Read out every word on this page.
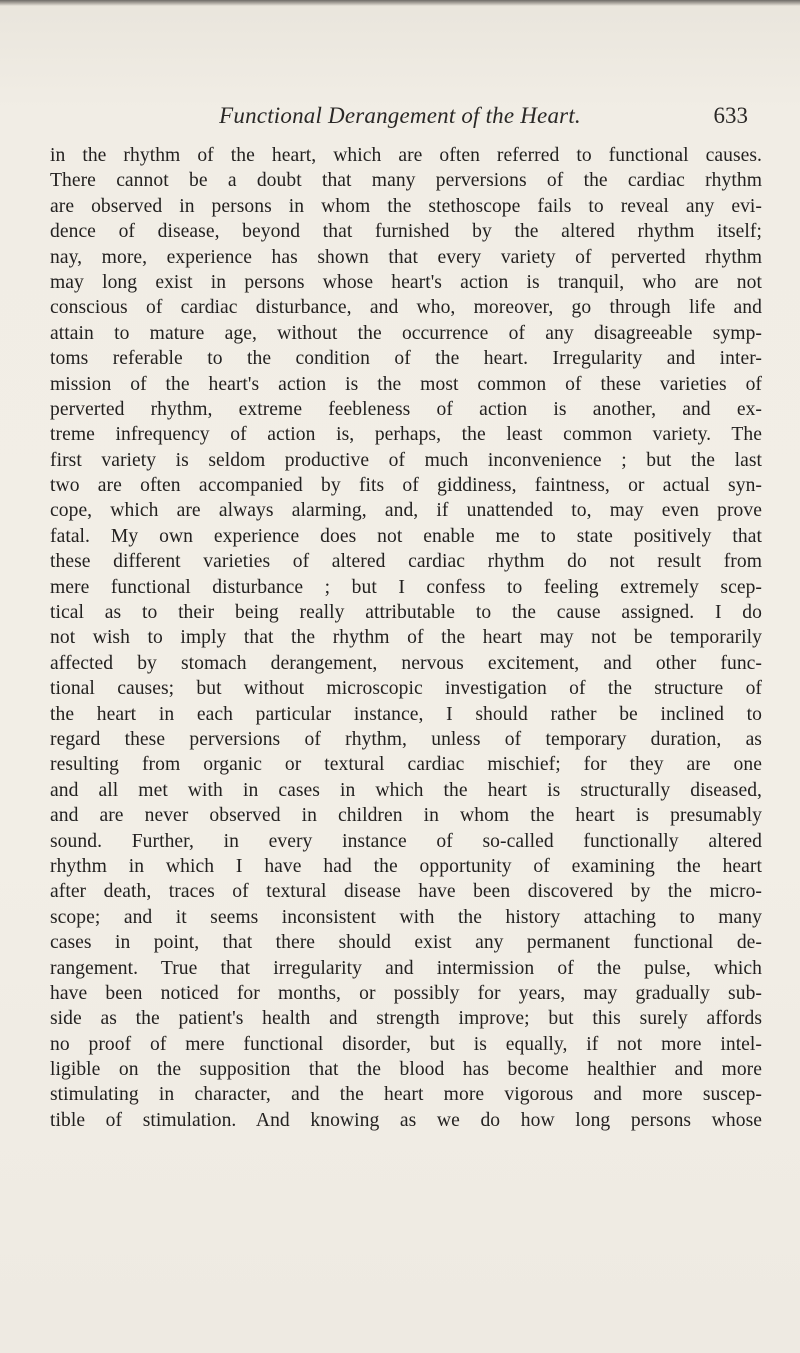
Functional Derangement of the Heart.	633
in the rhythm of the heart, which are often referred to functional causes.
There cannot be a doubt that many perversions of the cardiac rhythm
are observed in persons in whom the stethoscope fails to reveal any evi-
dence of disease, beyond that furnished by the altered rhythm itself;
nay, more, experience has shown that every variety of perverted rhythm
may long exist in persons whose heart's action is tranquil, who are not
conscious of cardiac disturbance, and who, moreover, go through life and
attain to mature age, without the occurrence of any disagreeable symp-
toms referable to the condition of the heart. Irregularity and inter-
mission of the heart's action is the most common of these varieties of
perverted rhythm, extreme feebleness of action is another, and ex-
treme infrequency of action is, perhaps, the least common variety. The
first variety is seldom productive of much inconvenience ; but the last
two are often accompanied by fits of giddiness, faintness, or actual syn-
cope, which are always alarming, and, if unattended to, may even prove
fatal. My own experience does not enable me to state positively that
these different varieties of altered cardiac rhythm do not result from
mere functional disturbance ; but I confess to feeling extremely scep-
tical as to their being really attributable to the cause assigned. I do
not wish to imply that the rhythm of the heart may not be temporarily
affected by stomach derangement, nervous excitement, and other func-
tional causes; but without microscopic investigation of the structure of
the heart in each particular instance, I should rather be inclined to
regard these perversions of rhythm, unless of temporary duration, as
resulting from organic or textural cardiac mischief; for they are one
and all met with in cases in which the heart is structurally diseased,
and are never observed in children in whom the heart is presumably
sound. Further, in every instance of so-called functionally altered
rhythm in which I have had the opportunity of examining the heart
after death, traces of textural disease have been discovered by the micro-
scope; and it seems inconsistent with the history attaching to many
cases in point, that there should exist any permanent functional de-
rangement. True that irregularity and intermission of the pulse, which
have been noticed for months, or possibly for years, may gradually sub-
side as the patient's health and strength improve; but this surely affords
no proof of mere functional disorder, but is equally, if not more intel-
ligible on the supposition that the blood has become healthier and more
stimulating in character, and the heart more vigorous and more suscep-
tible of stimulation. And knowing as we do how long persons whose
